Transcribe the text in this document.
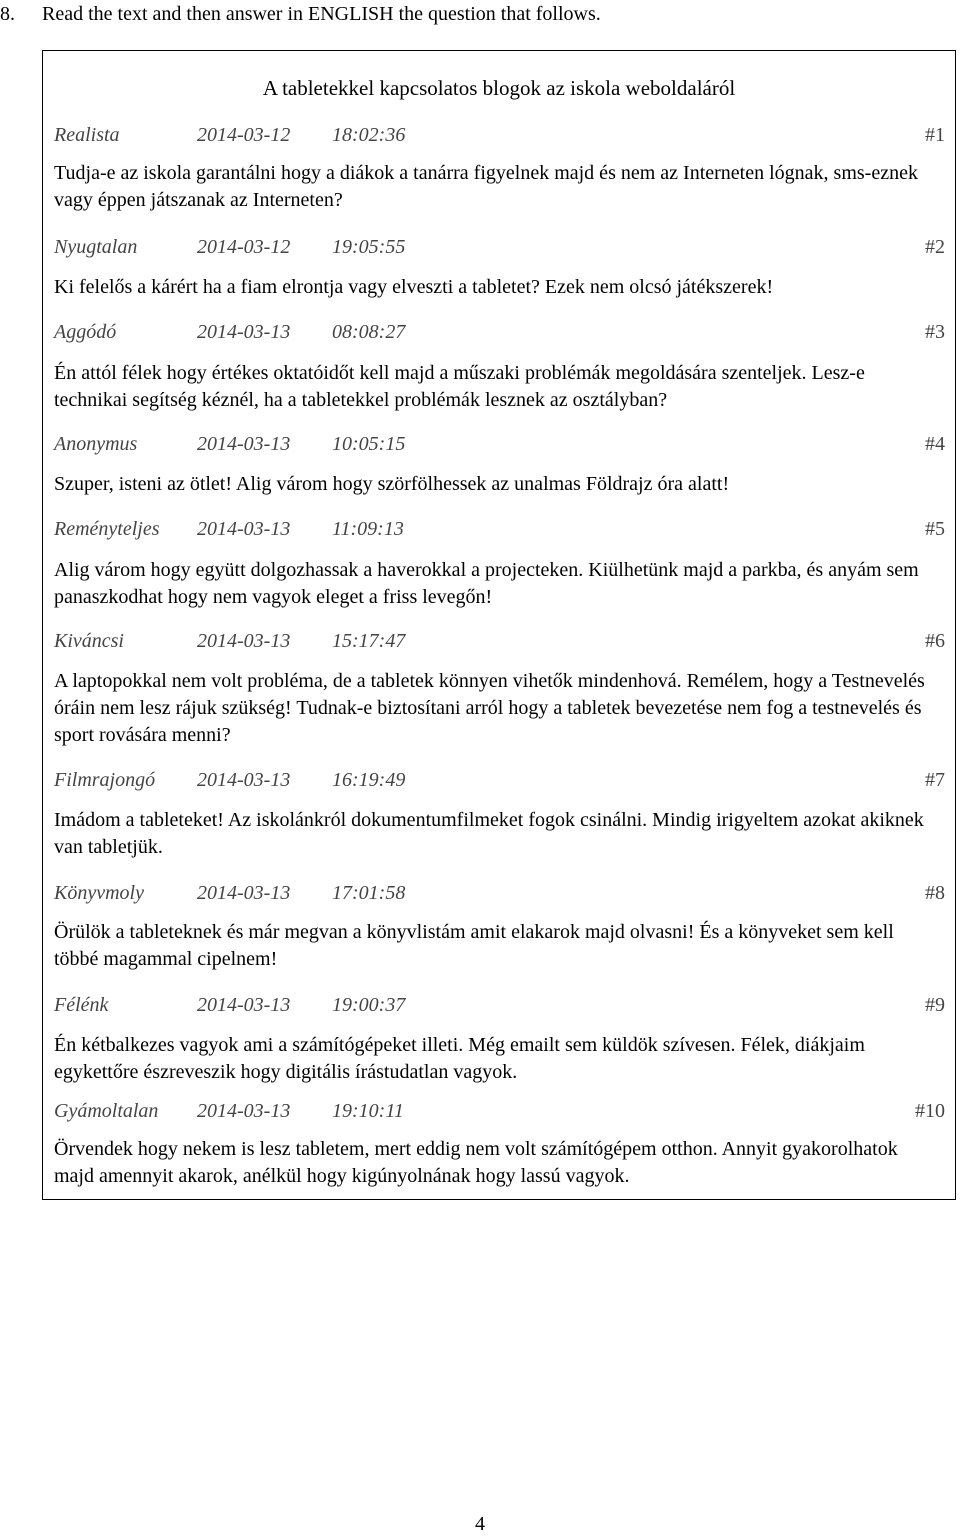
8. Read the text and then answer in ENGLISH the question that follows.
A tabletekkel kapcsolatos blogok az iskola weboldaláról
Realista	2014-03-12 18:02:36	#1
Tudja-e az iskola garantálni hogy a diákok a tanárra figyelnek majd és nem az Interneten lógnak, sms-eznek vagy éppen játszanak az Interneten?
Nyugtalan	2014-03-12 19:05:55	#2
Ki felelős a kárért ha a fiam elrontja vagy elveszti a tabletet? Ezek nem olcsó játékszerek!
Aggódó	2014-03-13 08:08:27	#3
Én attól félek hogy értékes oktatóidőt kell majd a műszaki problémák megoldására szenteljek. Lesz-e technikai segítség kéznél, ha a tabletekkel problémák lesznek az osztályban?
Anonymus	2014-03-13 10:05:15	#4
Szuper, isteni az ötlet! Alig várom hogy szörfölhessek az unalmas Földrajz óra alatt!
Reményteljes 2014-03-13 11:09:13	#5
Alig várom hogy együtt dolgozhassak a haverokkal a projecteken. Kiülhetünk majd a parkba, és anyám sem panaszkodhat hogy nem vagyok eleget a friss levegőn!
Kiváncsi	2014-03-13 15:17:47	#6
A laptopokkal nem volt probléma, de a tabletek könnyen vihetők mindenhová. Remélem, hogy a Testnevelés óráin nem lesz rájuk szükség! Tudnak-e biztosítani arról hogy a tabletek bevezetése nem fog a testnevelés és sport rovására menni?
Filmrajongó 2014-03-13 16:19:49	#7
Imádom a tableteket! Az iskolánkról dokumentumfilmeket fogok csinálni. Mindig irigyeltem azokat akiknek van tabletjük.
Könyvmoly	2014-03-13 17:01:58	#8
Örülök a tableteknek és már megvan a könyvlistám amit elakarok majd olvasni! És a könyveket sem kell többé magammal cipelnem!
Félénk	2014-03-13 19:00:37	#9
Én kétbalkezes vagyok ami a számítógépeket illeti. Még emailt sem küldök szívesen. Félek, diákjaim egykettőre észreveszik hogy digitális írástudatlan vagyok.
Gyámoltalan 2014-03-13 19:10:11	#10
Örvendek hogy nekem is lesz tabletem, mert eddig nem volt számítógépem otthon. Annyit gyakorolhatok majd amennyit akarok, anélkül hogy kigúnyolnának hogy lassú vagyok.
4
